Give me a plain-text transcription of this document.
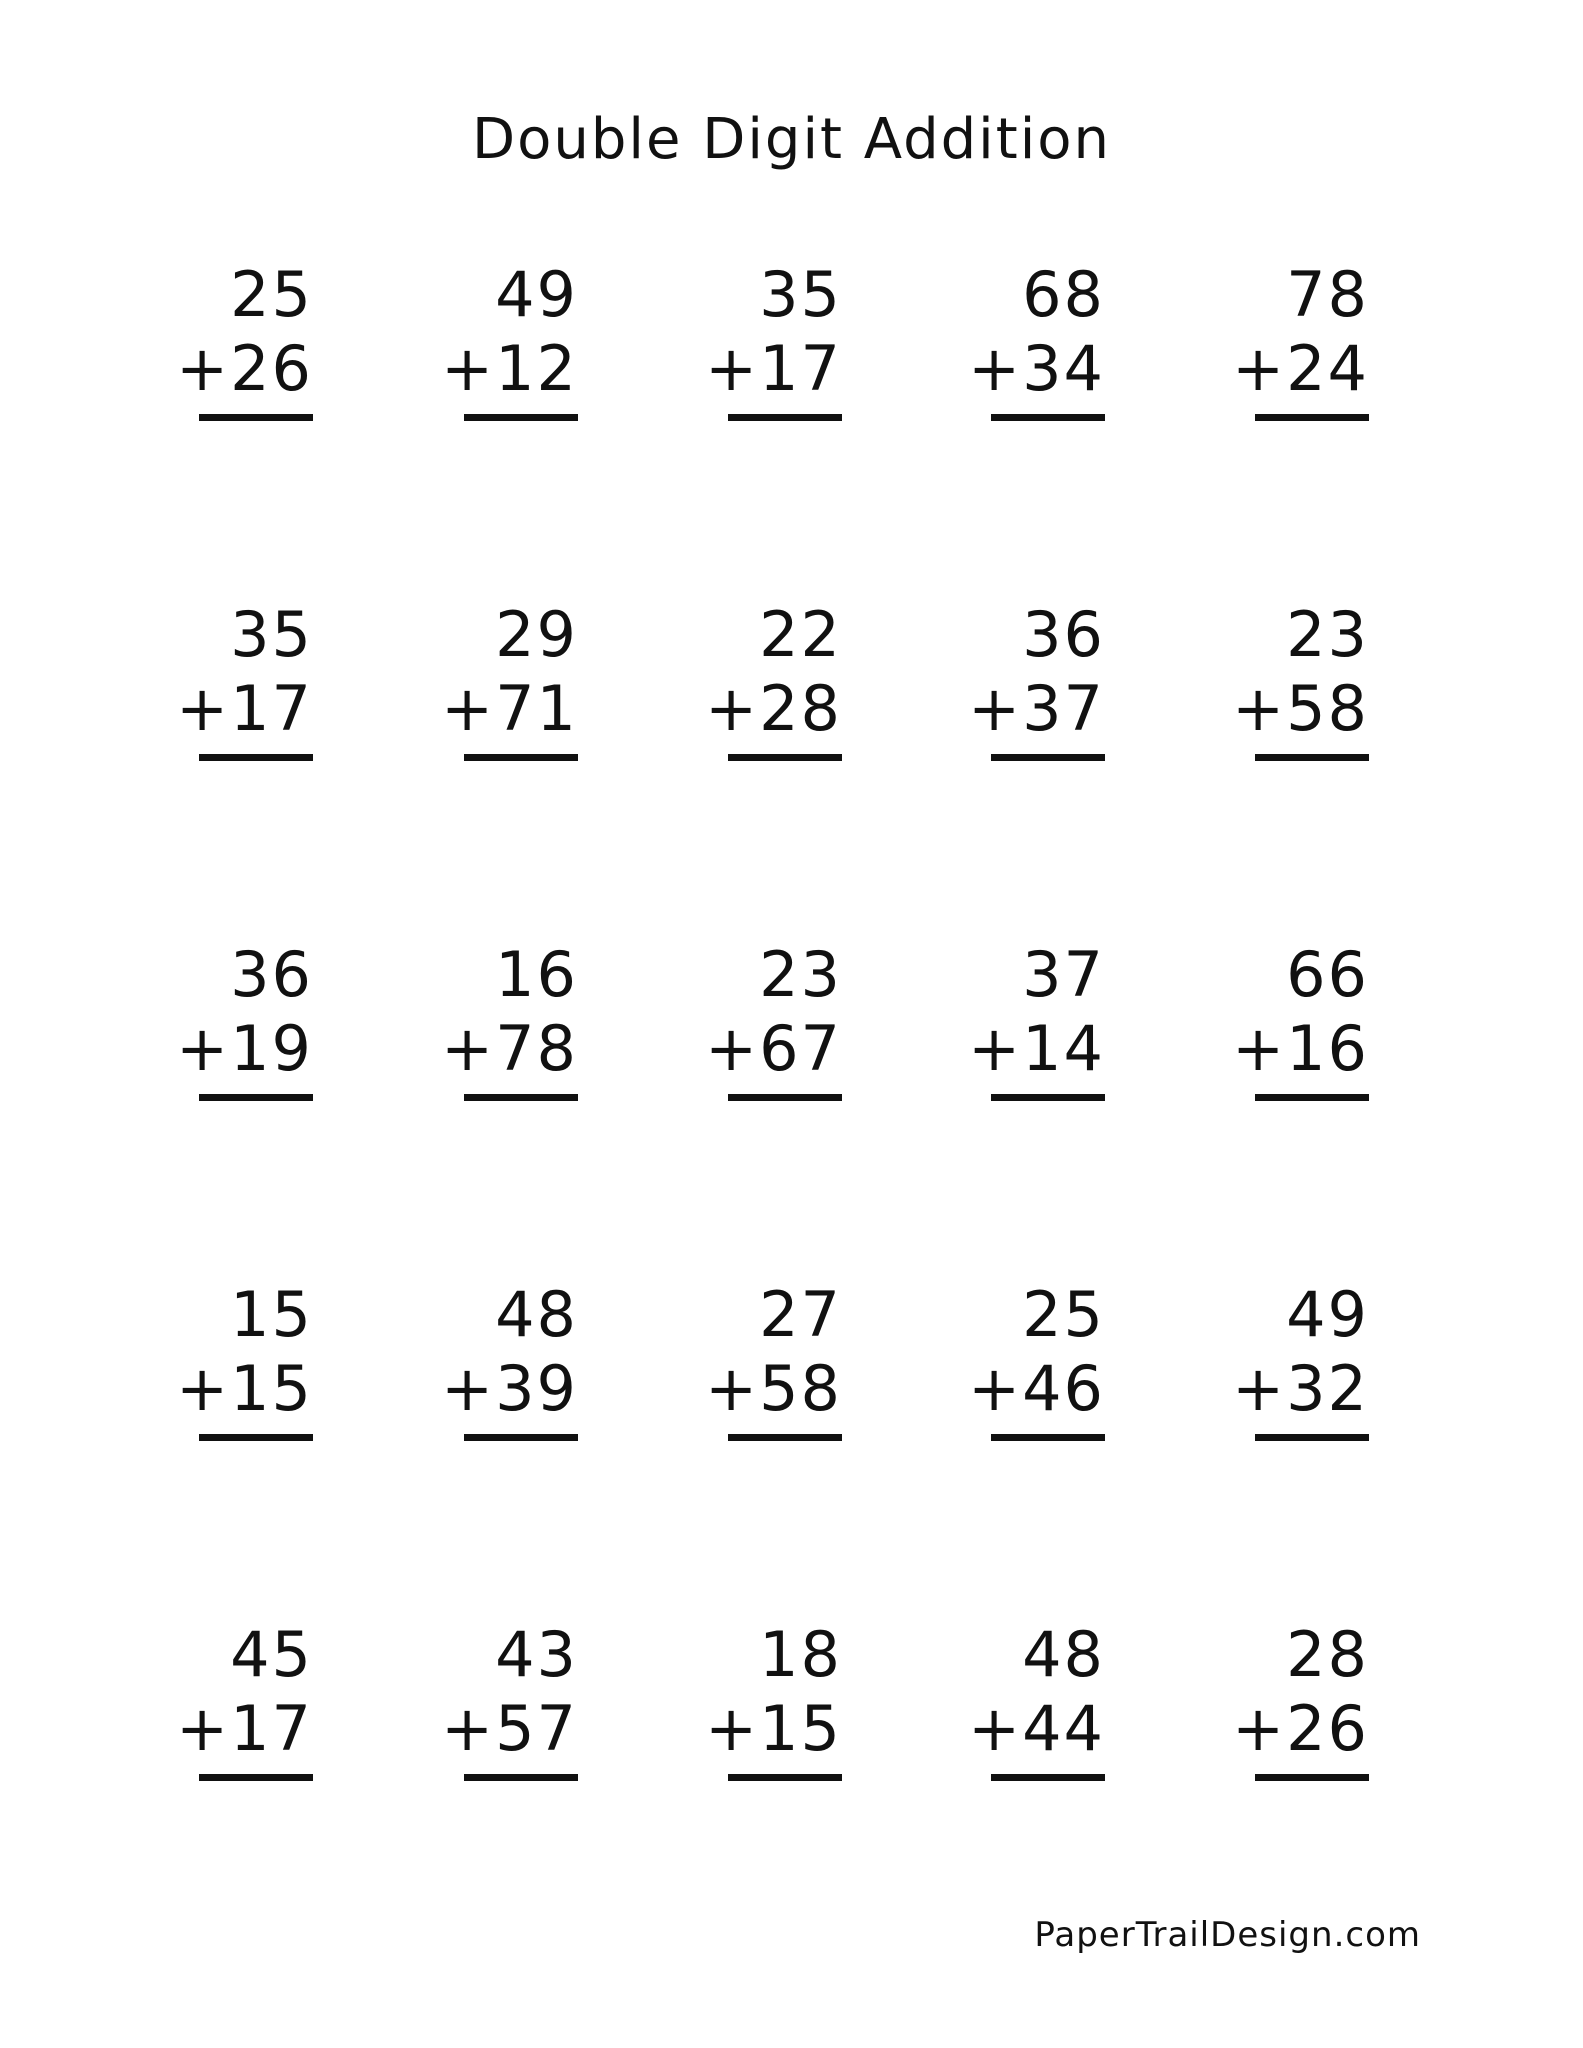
Double Digit Addition
25
+26
49
+12
35
+17
68
+34
78
+24
35
+17
29
+71
22
+28
36
+37
23
+58
36
+19
16
+78
23
+67
37
+14
66
+16
15
+15
48
+39
27
+58
25
+46
49
+32
45
+17
43
+57
18
+15
48
+44
28
+26
PaperTrailDesign.com
